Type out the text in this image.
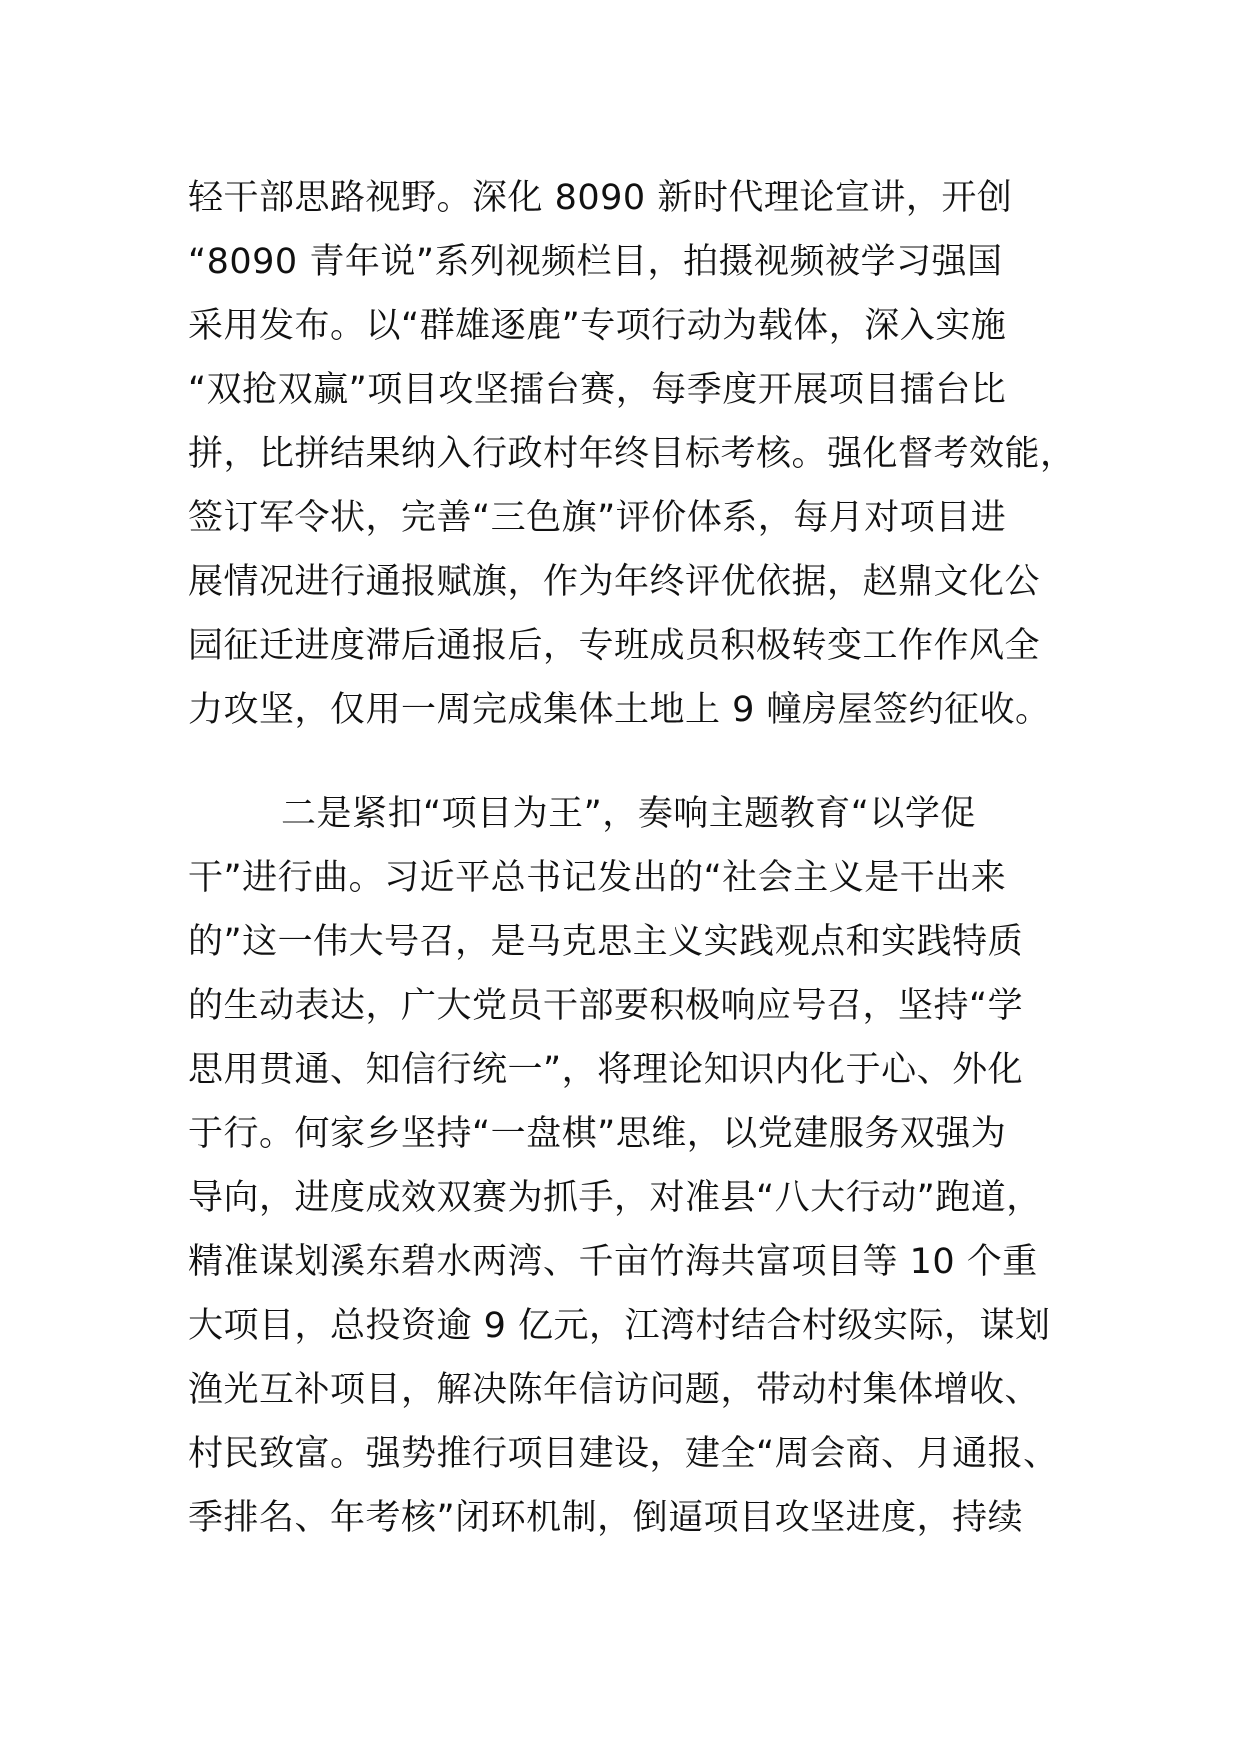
轻干部思路视野。深化 8090 新时代理论宣讲，开创
“8090 青年说”系列视频栏目，拍摄视频被学习强国
采用发布。以“群雄逐鹿”专项行动为载体，深入实施
“双抢双赢”项目攻坚擂台赛，每季度开展项目擂台比
拼，比拼结果纳入行政村年终目标考核。强化督考效能，
签订军令状，完善“三色旗”评价体系，每月对项目进
展情况进行通报赋旗，作为年终评优依据，赵鼎文化公
园征迁进度滞后通报后，专班成员积极转变工作作风全
力攻坚，仅用一周完成集体土地上 9 幢房屋签约征收。
二是紧扣“项目为王”，奏响主题教育“以学促
干”进行曲。习近平总书记发出的“社会主义是干出来
的”这一伟大号召，是马克思主义实践观点和实践特质
的生动表达，广大党员干部要积极响应号召，坚持“学
思用贯通、知信行统一”，将理论知识内化于心、外化
于行。何家乡坚持“一盘棋”思维，以党建服务双强为
导向，进度成效双赛为抓手，对准县“八大行动”跑道，
精准谋划溪东碧水两湾、千亩竹海共富项目等 10 个重
大项目，总投资逾 9 亿元，江湾村结合村级实际，谋划
渔光互补项目，解决陈年信访问题，带动村集体增收、
村民致富。强势推行项目建设，建全“周会商、月通报、
季排名、年考核”闭环机制，倒逼项目攻坚进度，持续
